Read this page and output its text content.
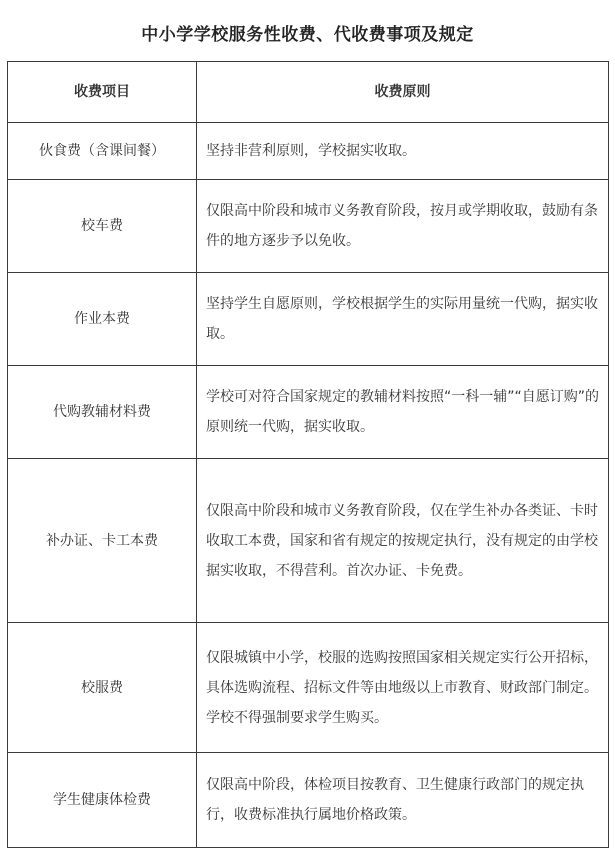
中小学学校服务性收费、代收费事项及规定
收费项目	收费原则
伙食费（含课间餐）	坚持非营利原则，学校据实收取。
校车费	仅限高中阶段和城市义务教育阶段，按月或学期收取，鼓励有条件的地方逐步予以免收。
作业本费	坚持学生自愿原则，学校根据学生的实际用量统一代购，据实收取。
代购教辅材料费	学校可对符合国家规定的教辅材料按照“一科一辅”“自愿订购”的原则统一代购，据实收取。
补办证、卡工本费	仅限高中阶段和城市义务教育阶段，仅在学生补办各类证、卡时收取工本费，国家和省有规定的按规定执行，没有规定的由学校据实收取，不得营利。首次办证、卡免费。
校服费	仅限城镇中小学，校服的选购按照国家相关规定实行公开招标，具体选购流程、招标文件等由地级以上市教育、财政部门制定。学校不得强制要求学生购买。
学生健康体检费	仅限高中阶段，体检项目按教育、卫生健康行政部门的规定执行，收费标准执行属地价格政策。
